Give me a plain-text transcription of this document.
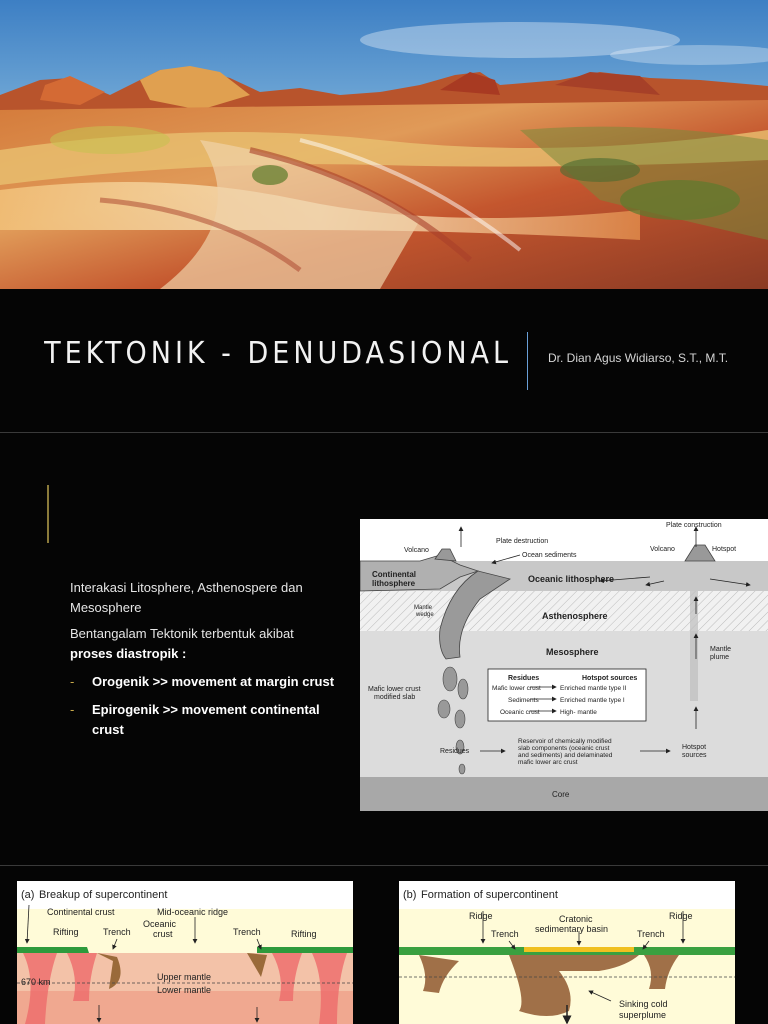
TEKTONIK - DENUDASIONAL	Dr. Dian Agus Widiarso, S.T., M.T.

Interakasi Litosphere, Asthenospere dan Mesosphere

Bentangalam Tektonik terbentuk akibat
proses diastropik :

- Orogenik >> movement at margin crust
- Epirogenik >> movement continental crust
Plate destruction
Plate construction
Volcano
Ocean sediments
Volcano	Hotspot
Continental
lithosphere	Oceanic lithosphere
Mantle
wedge	Asthenosphere
Mesosphere	Mantle
plume
Mafic lower crust
modified slab
Residues	Hotspot sources
Mafic lower crust	Enriched mantle type II
Sediments	Enriched mantle type I
Oceanic crust	High- mantle
Residues
Reservoir of chemically modified
slab components (oceanic crust
and sediments) and delaminated
mafic lower arc crust
Hotspot
sources
Core
(a) Breakup of supercontinent
Continental crust	Mid-oceanic ridge
Rifting	Trench
Oceanic
crust	Trench	Rifting
670 km	Upper mantle
Lower mantle
(b) Formation of supercontinent
Ridge	Cratonic
sedimentary basin
Ridge
Trench	Trench
Sinking cold
superplume
